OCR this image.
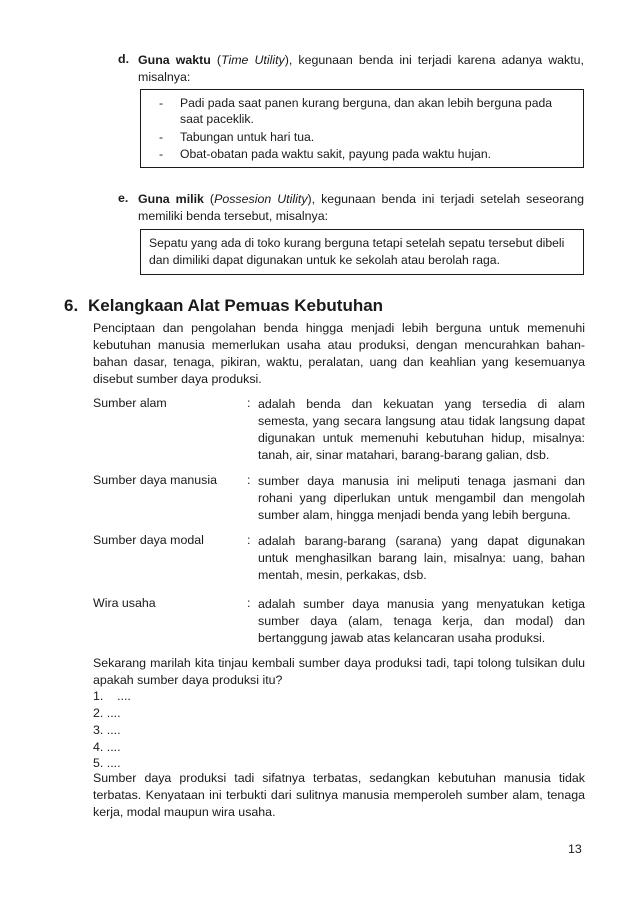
d. Guna waktu (Time Utility), kegunaan benda ini terjadi karena adanya waktu, misalnya:
- Padi pada saat panen kurang berguna, dan akan lebih berguna pada saat paceklik.
- Tabungan untuk hari tua.
- Obat-obatan pada waktu sakit, payung pada waktu hujan.
e. Guna milik (Possesion Utility), kegunaan benda ini terjadi setelah seseorang memiliki benda tersebut, misalnya:
Sepatu yang ada di toko kurang berguna tetapi setelah sepatu tersebut dibeli dan dimiliki dapat digunakan untuk ke sekolah atau berolah raga.
6. Kelangkaan Alat Pemuas Kebutuhan
Penciptaan dan pengolahan benda hingga menjadi lebih berguna untuk memenuhi kebutuhan manusia memerlukan usaha atau produksi, dengan mencurahkan bahan-bahan dasar, tenaga, pikiran, waktu, peralatan, uang dan keahlian yang kesemuanya disebut sumber daya produksi.
Sumber alam	: adalah benda dan kekuatan yang tersedia di alam semesta, yang secara langsung atau tidak langsung dapat digunakan untuk memenuhi kebutuhan hidup, misalnya: tanah, air, sinar matahari, barang-barang galian, dsb.
Sumber daya manusia : sumber daya manusia ini meliputi tenaga jasmani dan rohani yang diperlukan untuk mengambil dan mengolah sumber alam, hingga menjadi benda yang lebih berguna.
Sumber daya modal	: adalah barang-barang (sarana) yang dapat digunakan untuk menghasilkan barang lain, misalnya: uang, bahan mentah, mesin, perkakas, dsb.
Wira usaha	: adalah sumber daya manusia yang menyatukan ketiga sumber daya (alam, tenaga kerja, dan modal) dan bertanggung jawab atas kelancaran usaha produksi.
Sekarang marilah kita tinjau kembali sumber daya produksi tadi, tapi tolong tulsikan dulu apakah sumber daya produksi itu?
1.    ....
2. ....
3. ....
4. ....
5. ....
Sumber daya produksi tadi sifatnya terbatas, sedangkan kebutuhan manusia tidak terbatas. Kenyataan ini terbukti dari sulitnya manusia memperoleh sumber alam, tenaga kerja, modal maupun wira usaha.
13
